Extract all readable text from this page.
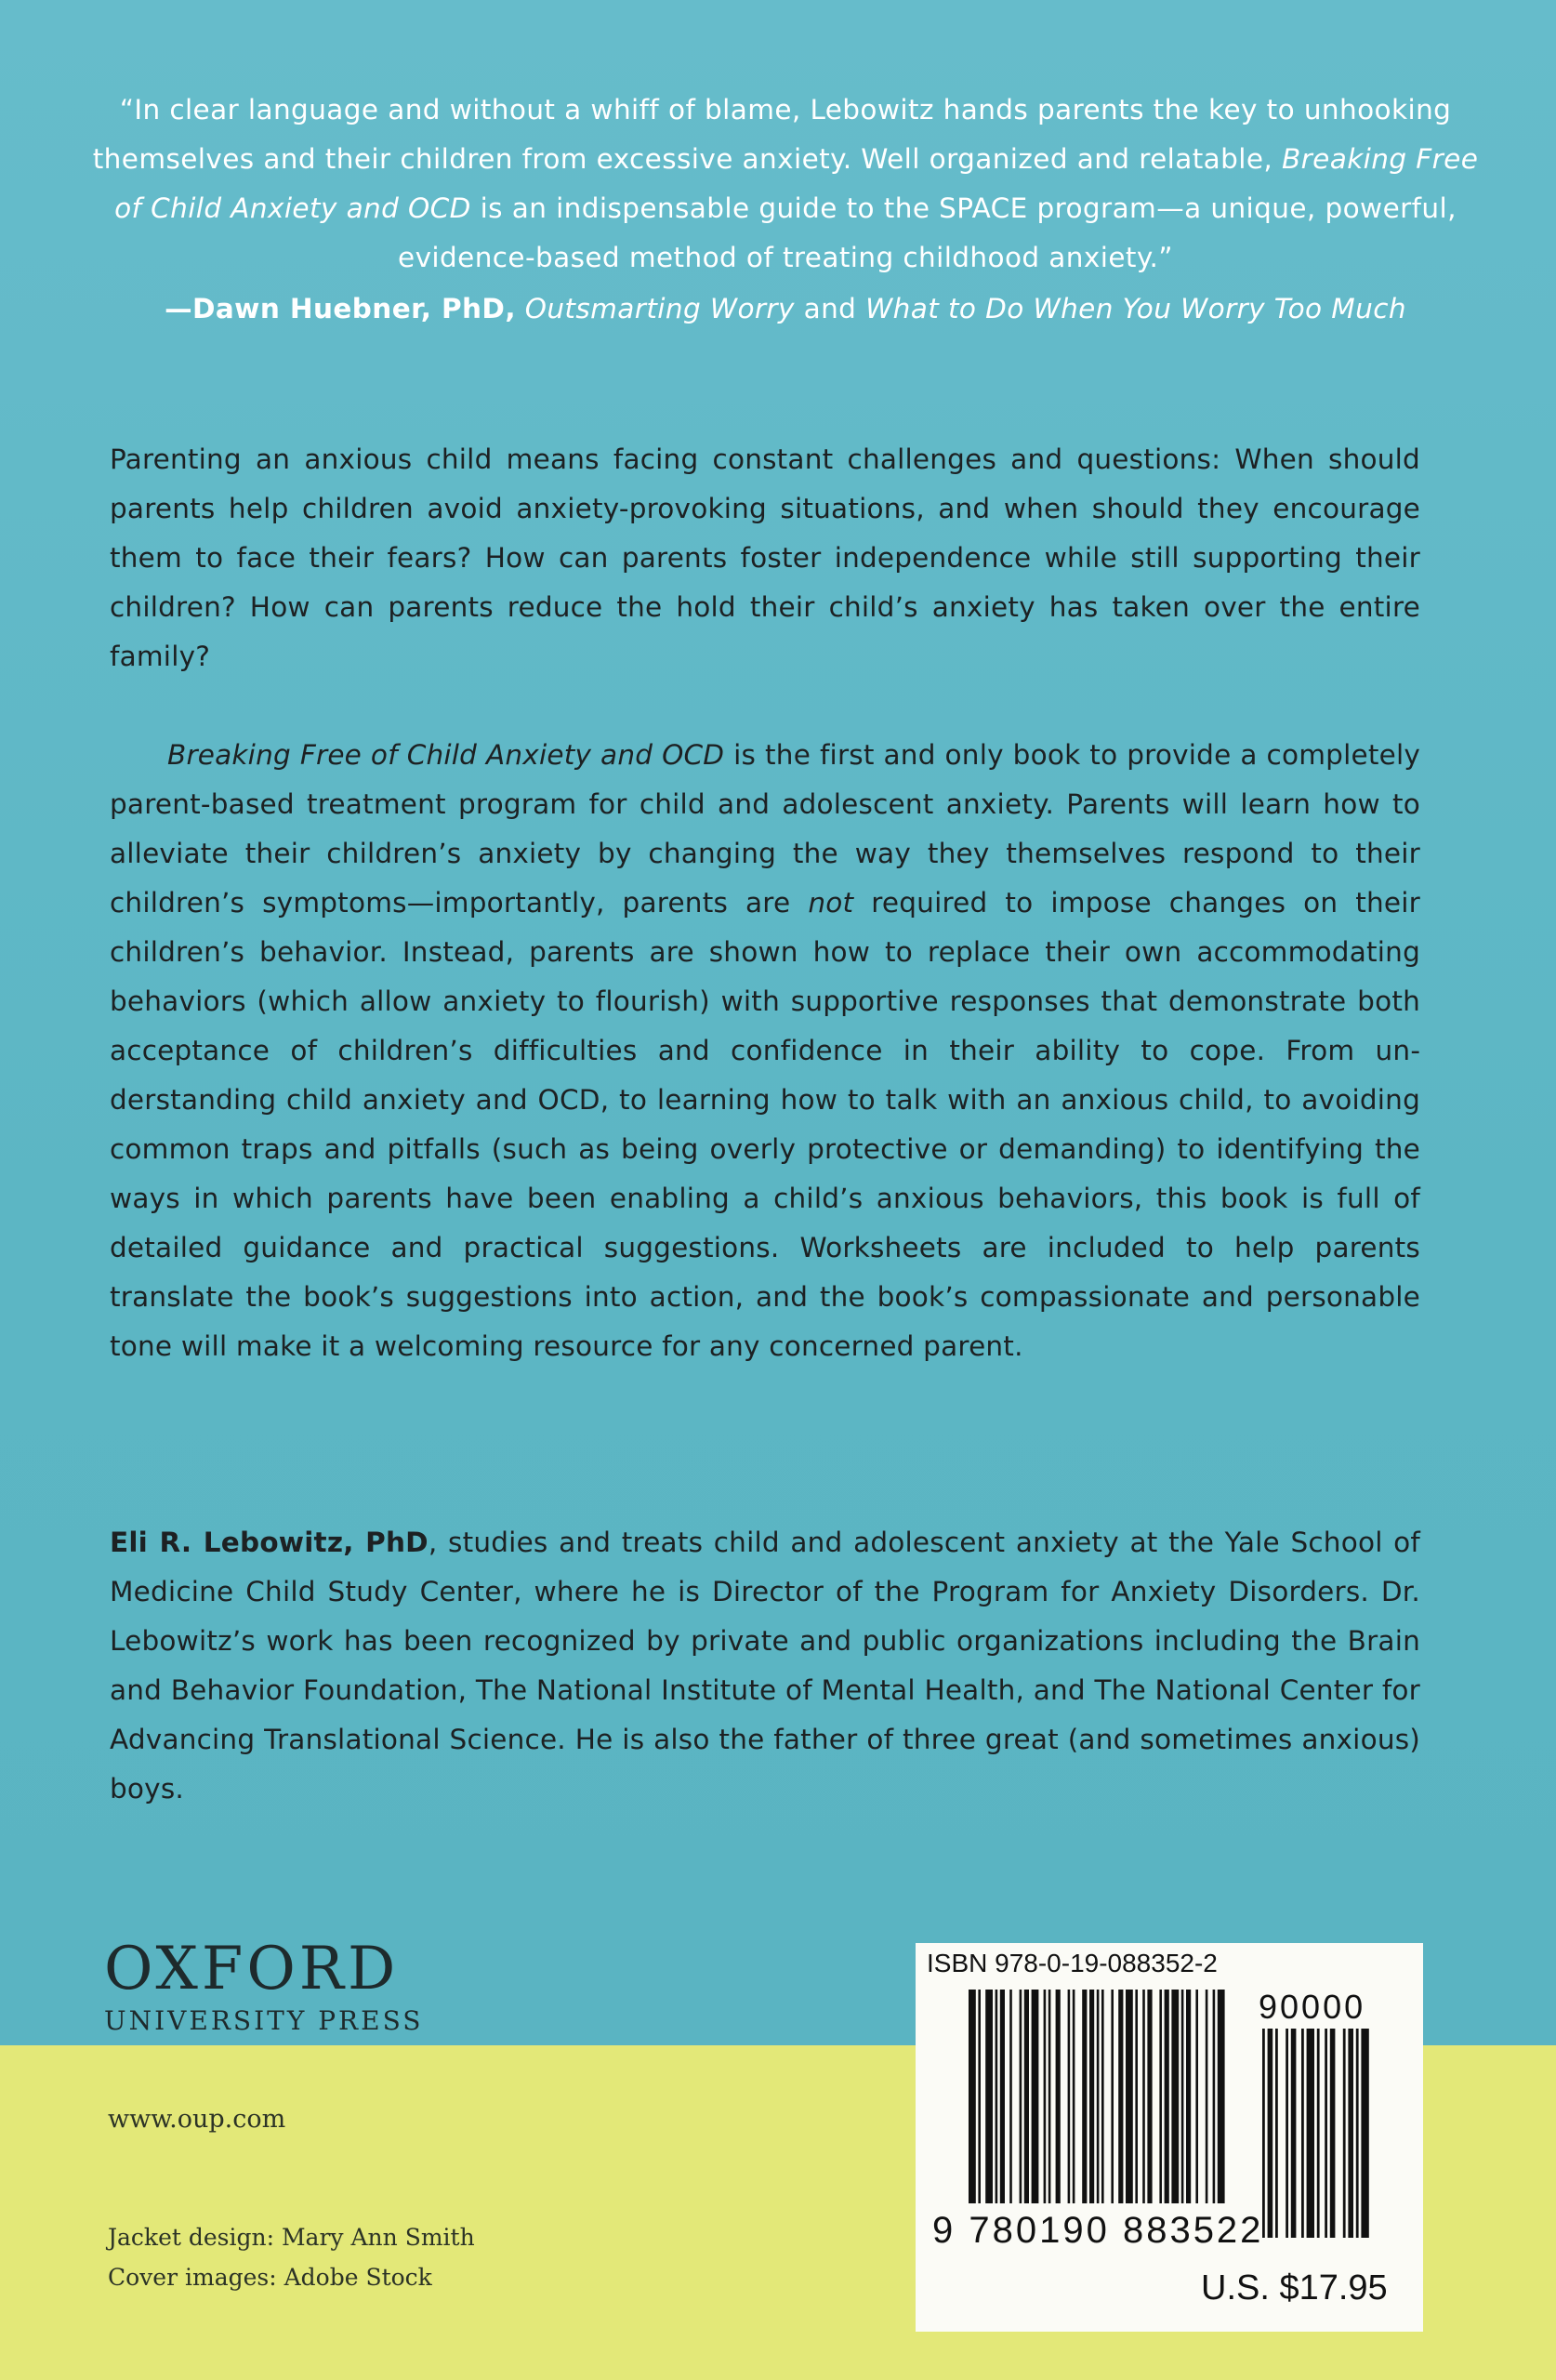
“In clear language and without a whiff of blame, Lebowitz hands parents the key to unhooking themselves and their children from excessive anxiety. Well organized and relatable, Breaking Free of Child Anxiety and OCD is an indispensable guide to the SPACE program—a unique, powerful, evidence-based method of treating childhood anxiety.”
—Dawn Huebner, PhD, Outsmarting Worry and What to Do When You Worry Too Much
Parenting an anxious child means facing constant challenges and questions: When should parents help children avoid anxiety-provoking situations, and when should they encourage them to face their fears? How can parents foster independence while still supporting their children? How can parents reduce the hold their child’s anxiety has taken over the entire family?
Breaking Free of Child Anxiety and OCD is the first and only book to provide a completely parent-based treatment program for child and adolescent anxiety. Parents will learn how to alleviate their children’s anxiety by changing the way they themselves respond to their children’s symptoms—importantly, parents are not required to impose changes on their children’s behavior. Instead, parents are shown how to replace their own accommodating behaviors (which allow anxiety to flourish) with supportive responses that demonstrate both acceptance of children’s difficulties and confidence in their ability to cope. From understanding child anxiety and OCD, to learning how to talk with an anxious child, to avoiding common traps and pitfalls (such as being overly protective or demanding) to identifying the ways in which parents have been enabling a child’s anxious behaviors, this book is full of detailed guidance and practical suggestions. Worksheets are included to help parents translate the book’s suggestions into action, and the book’s compassionate and personable tone will make it a welcoming resource for any concerned parent.
Eli R. Lebowitz, PhD, studies and treats child and adolescent anxiety at the Yale School of Medicine Child Study Center, where he is Director of the Program for Anxiety Disorders. Dr. Lebowitz’s work has been recognized by private and public organizations including the Brain and Behavior Foundation, The National Institute of Mental Health, and The National Center for Advancing Translational Science. He is also the father of three great (and sometimes anxious) boys.
OXFORD
UNIVERSITY PRESS
www.oup.com
Jacket design: Mary Ann Smith
Cover images: Adobe Stock
ISBN 978-0-19-088352-2
90000
9 780190 883522
U.S. $17.95
